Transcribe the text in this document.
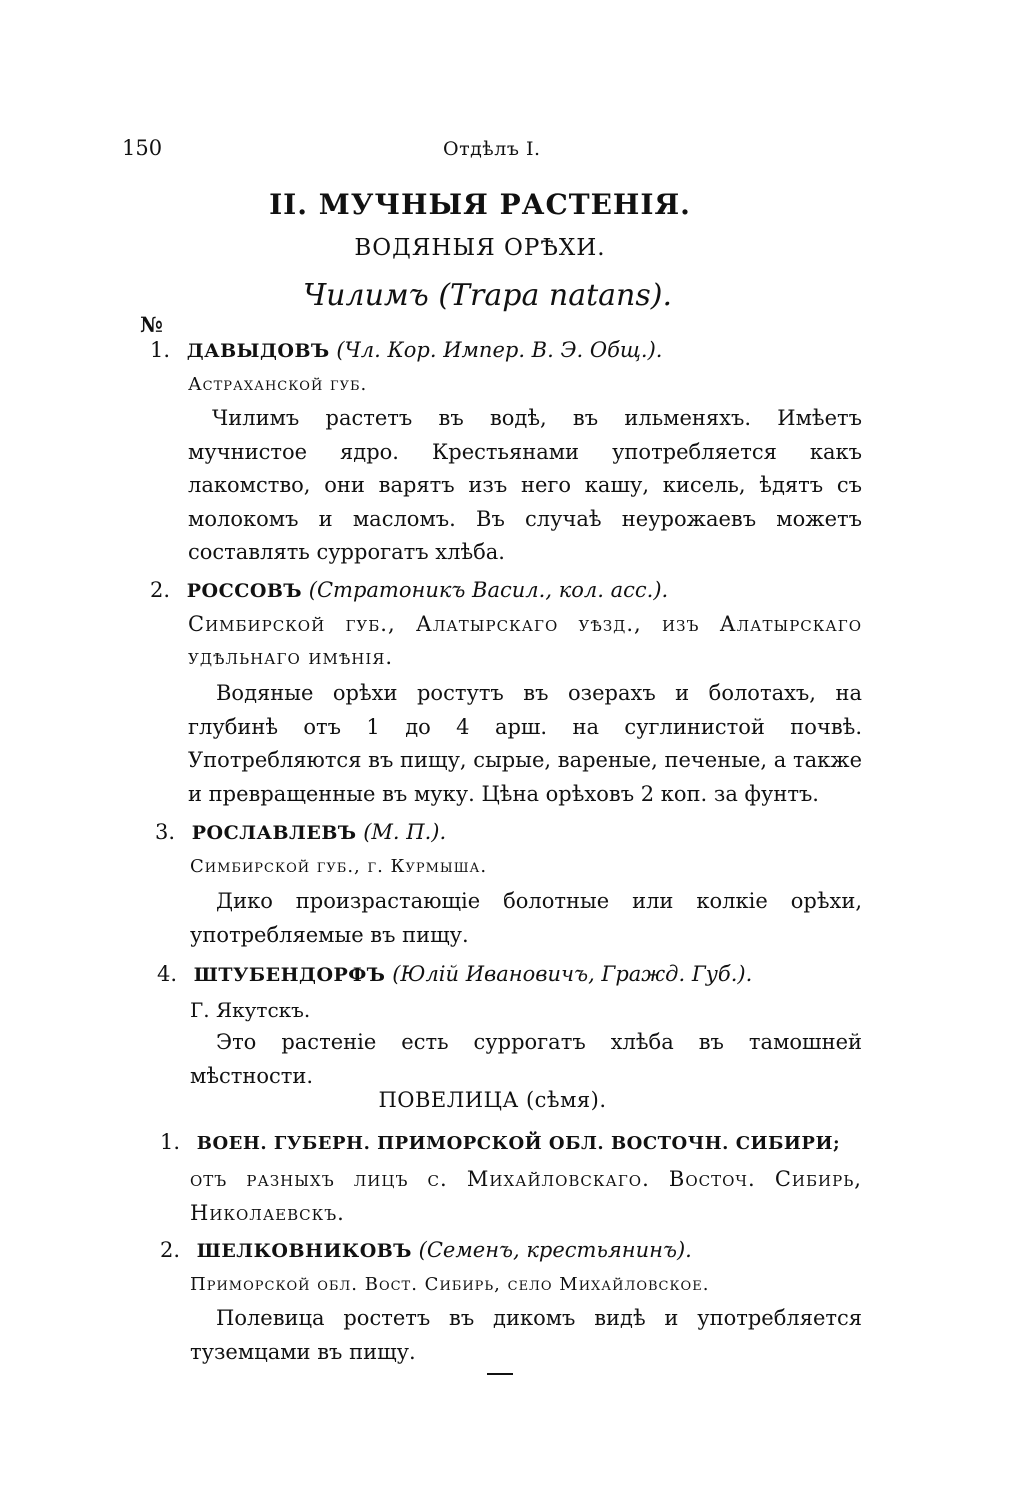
150	Отдѣлъ I.
II. МУЧНЫЯ РАСТЕНІЯ.
ВОДЯНЫЯ ОРѢХИ.
Чилимъ (Trapa natans).
№
1. ДАВЫДОВЪ (Чл. Кор. Импер. В. Э. Общ.).
Астраханской губ.
Чилимъ растетъ въ водѣ, въ ильменяхъ. Имѣетъ мучнистое ядро. Крестьянами употребляется какъ лакомство, они варятъ изъ него кашу, кисель, ѣдятъ съ молокомъ и масломъ. Въ случаѣ неурожаевъ можетъ составлять суррогатъ хлѣба.
2. РОССОВЪ (Стратоникъ Васил., кол. асс.).
Симбирской губ., Алатырскаго уѣзд., изъ Алатырскаго удѣльнаго имѣнія.
Водяные орѣхи ростутъ въ озерахъ и болотахъ, на глубинѣ отъ 1 до 4 арш. на суглинистой почвѣ. Употребляются въ пищу, сырые, вареные, печеные, а также и превращенные въ муку. Цѣна орѣховъ 2 коп. за фунтъ.
3. РОСЛАВЛЕВЪ (М. П.).
Симбирской губ., г. Курмыша.
Дико произрастающіе болотные или колкіе орѣхи, употребляемые въ пищу.
4. ШТУБЕНДОРФЪ (Юлій Ивановичъ, Гражд. Губ.).
Г. Якутскъ.
Это растеніе есть суррогатъ хлѣба въ тамошней мѣстности.
ПОВЕЛИЦА (сѣмя).
1. ВОЕН. ГУБЕРН. ПРИМОРСКОЙ ОБЛ. ВОСТОЧН. СИБИРИ;
отъ разныхъ лицъ с. Михайловскаго. Восточ. Сибирь, Николаевскъ.
2. ШЕЛКОВНИКОВЪ (Семенъ, крестьянинъ).
Приморской обл. Вост. Сибирь, село Михайловское.
Полевица ростетъ въ дикомъ видѣ и употребляется туземцами въ пищу.
